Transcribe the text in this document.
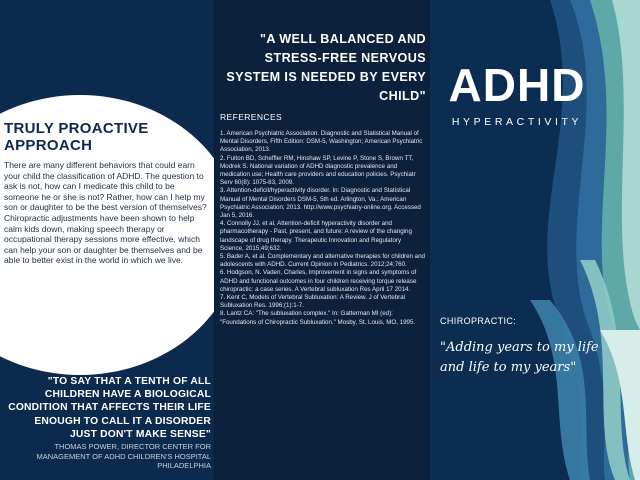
TRULY PROACTIVE APPROACH
There are many different behaviors that could earn your child the classification of ADHD. The question to ask is not, how can I medicate this child to be someone he or she is not? Rather, how can I help my son or daughter to be the best version of themselves? Chiropractic adjustments have been shown to help calm kids down, making speech therapy or occupational therapy sessions more effective, which can help your son or daughter be themselves and be able to better exist in the world in which we live.
"TO SAY THAT A TENTH OF ALL CHILDREN HAVE A BIOLOGICAL CONDITION THAT AFFECTS THEIR LIFE ENOUGH TO CALL IT A DISORDER JUST DON'T MAKE SENSE"
THOMAS POWER, DIRECTOR CENTER FOR MANAGEMENT OF ADHD CHILDREN'S HOSPITAL PHILADELPHIA
"A WELL BALANCED AND STRESS-FREE NERVOUS SYSTEM IS NEEDED BY EVERY CHILD"
REFERENCES

1. American Psychiatric Association. Diagnostic and Statistical Manual of Mental Disorders, Fifth Edition: DSM-5, Washington; American Psychiatric Association, 2013.

2. Fulton BD, Scheffler RM, Hinshaw SP, Levine P, Stone S, Brown TT, Modrek S. National variation of ADHD diagnostic prevalence and medication use; Health care providers and education policies. Psychiatr Serv 60(8): 1075-83, 2009.

3. Attention-deficit/hyperactivity disorder. In: Diagnostic and Statistical Manual of Mental Disorders DSM-5, 5th ed. Arlington, Va.: American Psychiatric Association; 2013. http://www.psychiatry-online.org. Accessed Jan 5, 2016.

4. Connolly JJ, et al, Attention-deficit hyperactivity disorder and pharmacotherapy - Past, present, and future: A review of the changing landscape of drug therapy. Therapeutic Innovation and Regulatory Science, 2015;49;632.

5. Bader A, et al. Complementary and alternative therapies for children and adolescents with ADHD. Current Opinion in Pediatrics. 2012;24;760.

6. Hodgson, N. Vaden, Charles, Improvement in signs and symptoms of ADHD and functional outcomes in four children receiving torque release chiropractic: a case series. A Vertebral subluxation Res April 17 2014.

7. Kent C, Models of Vertebral Subluxation: A Review. J of Vertebral Subluxation Res. 1996;(1):1-7.

8. Lantz CA: "The subluxation complex." In: Gatterman MI (ed): "Foundations of Chiropractic Subluxation." Mosby, St. Louis, MO, 1995.

ADHD
HYPERACTIVITY
CHIROPRACTIC:
"Adding years to my life and life to my years"
